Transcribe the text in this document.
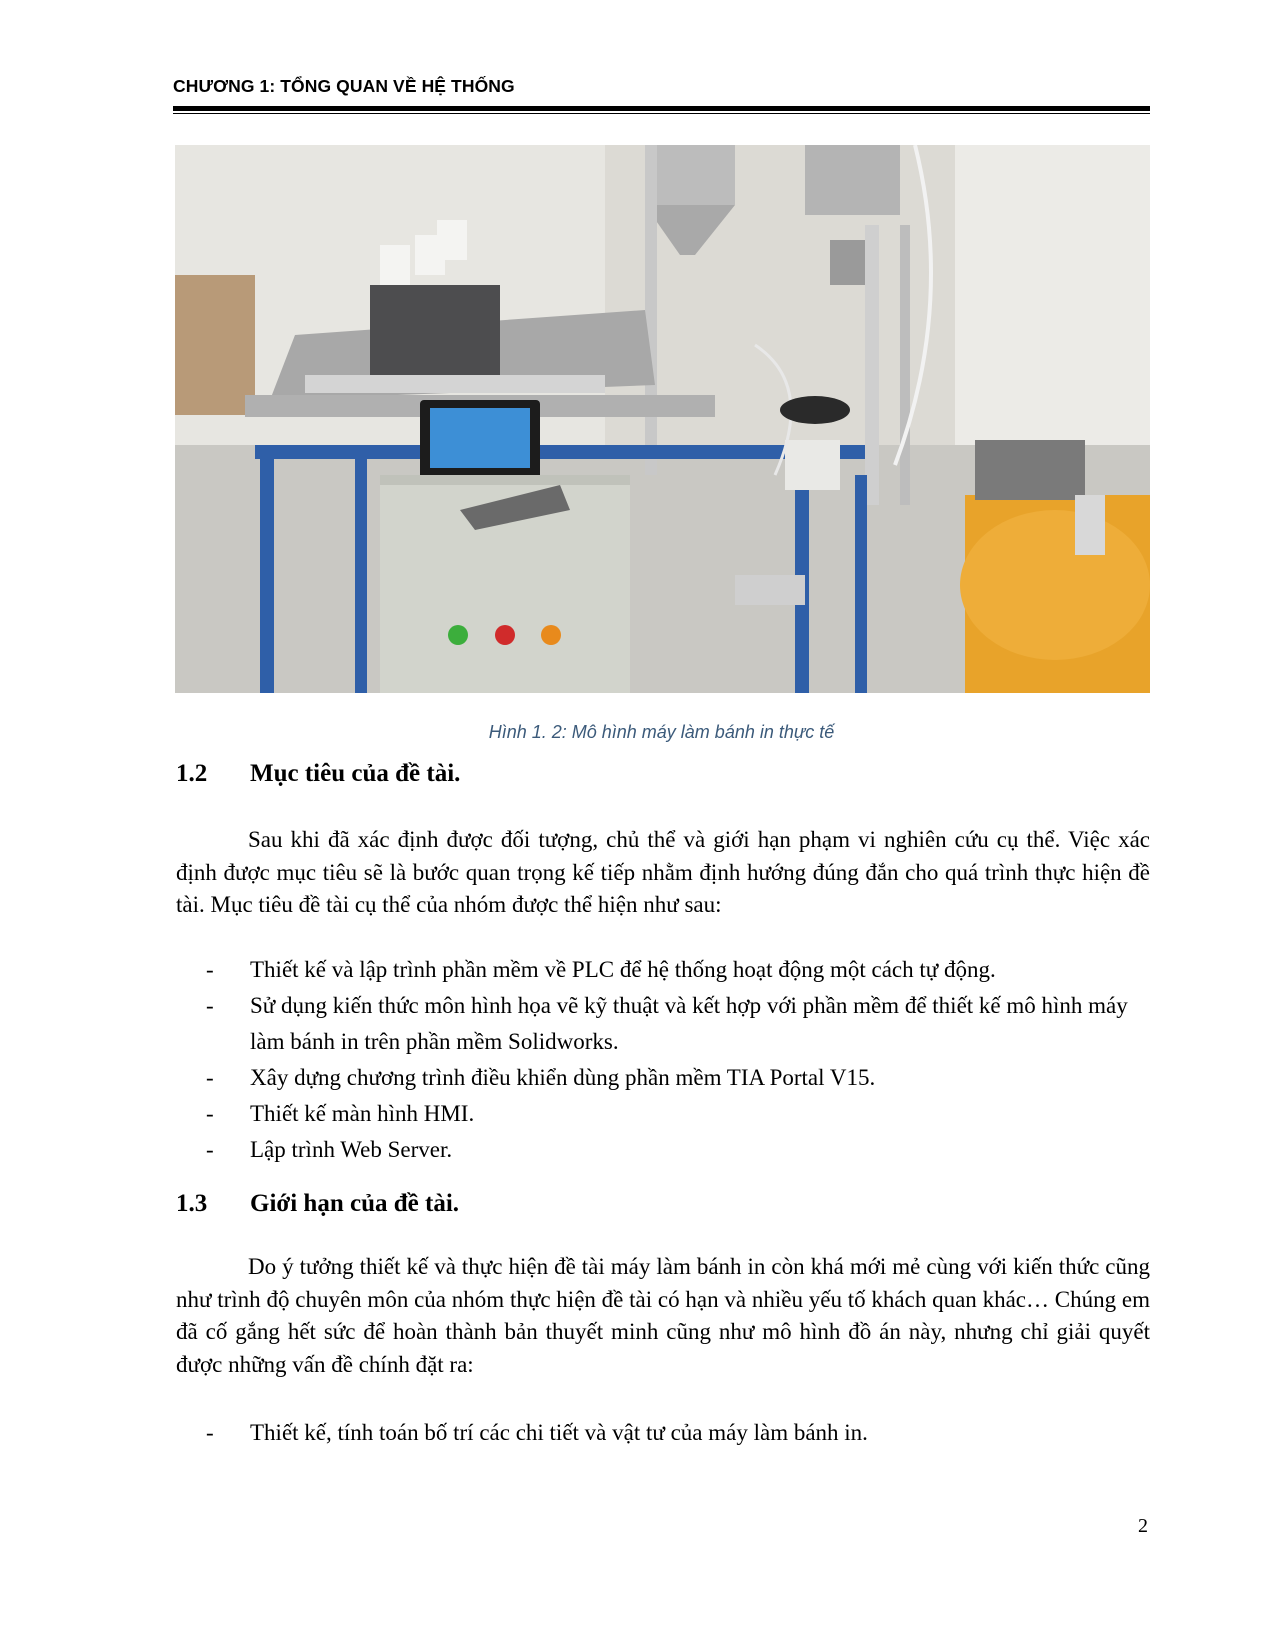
CHƯƠNG 1: TỔNG QUAN VỀ HỆ THỐNG
Hình 1. 2: Mô hình máy làm bánh in thực tế
1.2 Mục tiêu của đề tài.
Sau khi đã xác định được đối tượng, chủ thể và giới hạn phạm vi nghiên cứu cụ thể. Việc xác định được mục tiêu sẽ là bước quan trọng kế tiếp nhằm định hướng đúng đắn cho quá trình thực hiện đề tài. Mục tiêu đề tài cụ thể của nhóm được thể hiện như sau:
- Thiết kế và lập trình phần mềm về PLC để hệ thống hoạt động một cách tự động.
- Sử dụng kiến thức môn hình họa vẽ kỹ thuật và kết hợp với phần mềm để thiết kế mô hình máy làm bánh in trên phần mềm Solidworks.
- Xây dựng chương trình điều khiển dùng phần mềm TIA Portal V15.
- Thiết kế màn hình HMI.
- Lập trình Web Server.
1.3 Giới hạn của đề tài.
Do ý tưởng thiết kế và thực hiện đề tài máy làm bánh in còn khá mới mẻ cùng với kiến thức cũng như trình độ chuyên môn của nhóm thực hiện đề tài có hạn và nhiều yếu tố khách quan khác… Chúng em đã cố gắng hết sức để hoàn thành bản thuyết minh cũng như mô hình đồ án này, nhưng chỉ giải quyết được những vấn đề chính đặt ra:
- Thiết kế, tính toán bố trí các chi tiết và vật tư của máy làm bánh in.
2
